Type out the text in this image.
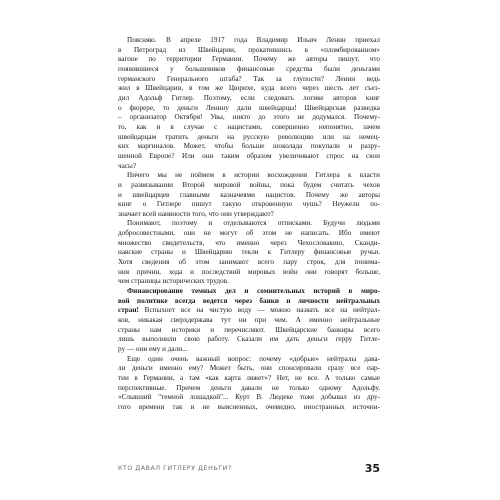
Поясняю. В апреле 1917 года Владимир Ильич Ленин приехал
в Петроград из Швейцарии, прокатившись в «пломбированном»
вагоне по территории Германии. Почему же авторы пишут, что
появившиеся у большевиков финансовые средства были деньгами
германского Генерального штаба? Так за глупости? Ленин ведь
жил в Швейцарии, в том же Цюрихе, куда всего через шесть лет съез-
дил Адольф Гитлер. Поэтому, если следовать логике авторов книг
о фюрере, то деньги Ленину дали швейцарцы! Швейцарская разведка
– организатор Октября! Увы, никто до этого не додумался. Почему-
то, как и в случае с нацистами, совершенно непонятно, зачем
швейцарцам тратить деньги на русскую революцию или на немец-
ких маргиналов. Может, чтобы больше шоколада покупали и разру-
шенной Европе? Или они таким образом увеличивают спрос на свои
часы?
Ничего мы не поймем в истории восхождения Гитлера к власти
и развязывании Второй мировой войны, пока будем считать чехов
и швейцарцев главными казначеями нацистов. Почему же авторы
книг о Гитлере пишут такую откровенную чушь? Неужели по-
значает всей наивности того, что они утверждают?
Понимают, поэтому и отделываются отписками. Будучи людьми
добросовестными, они не могут об этом не написать. Ибо имеют
множество свидетельств, что именно через Чехословакию, Сканди-
навские страны и Швейцарию текли к Гитлеру финансовые ручьи.
Хотя сведения об этом занимают всего пару строк, для понима-
ния причин, хода и последствий мировых войн они говорят больше,
чем страницы исторических трудов.
Финансирование темных дел и сомнительных историй в миро-
вой политике всегда ведется через банки и личности нейтральных
стран! Вспыхнет все на чистую воду — можно назвать все на нейтрал-
ков, никакая сверхдержава тут ни при чем. А именно нейтральные
страны нам историки и перечисляют. Швейцарские банкиры всего
лишь выполнили свою работу. Сказали им дать деньги герру Гитле-
ру — они ему и дали...
Еще один очень важный вопрос: почему «добрые» нейтралы дава-
ли деньги именно ему? Может быть, они спонсировали сразу все пар-
тии в Германии, а там «как карта ляжет»? Нет, не все. А только самые
перспективные. Причем деньги давали не только одному Адольфу.
«Слывший "темной лошадкой"... Курт В. Людеке тоже добывал из дру-
гого времени так и не выясненных, очевидно, иностранных источни-
КТО ДАВАЛ ГИТЛЕРУ ДЕНЬГИ?	35
